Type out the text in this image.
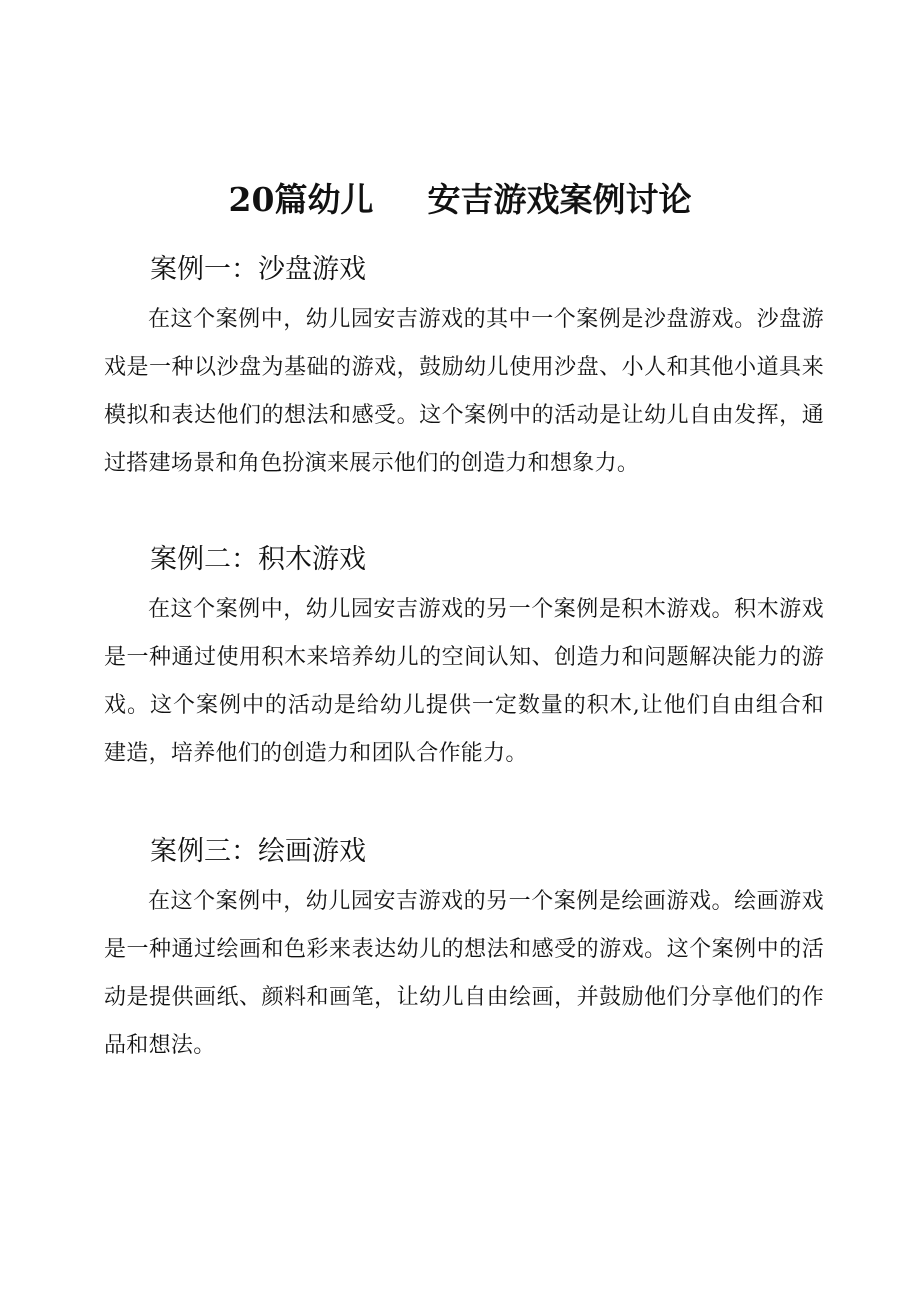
20篇幼儿 安吉游戏案例讨论
案例一：沙盘游戏

在这个案例中，幼儿园安吉游戏的其中一个案例是沙盘游戏。沙盘游戏是一种以沙盘为基础的游戏，鼓励幼儿使用沙盘、小人和其他小道具来模拟和表达他们的想法和感受。这个案例中的活动是让幼儿自由发挥，通过搭建场景和角色扮演来展示他们的创造力和想象力。

案例二：积木游戏

在这个案例中，幼儿园安吉游戏的另一个案例是积木游戏。积木游戏是一种通过使用积木来培养幼儿的空间认知、创造力和问题解决能力的游戏。这个案例中的活动是给幼儿提供一定数量的积木,让他们自由组合和建造，培养他们的创造力和团队合作能力。

案例三：绘画游戏

在这个案例中，幼儿园安吉游戏的另一个案例是绘画游戏。绘画游戏是一种通过绘画和色彩来表达幼儿的想法和感受的游戏。这个案例中的活动是提供画纸、颜料和画笔，让幼儿自由绘画，并鼓励他们分享他们的作品和想法。
